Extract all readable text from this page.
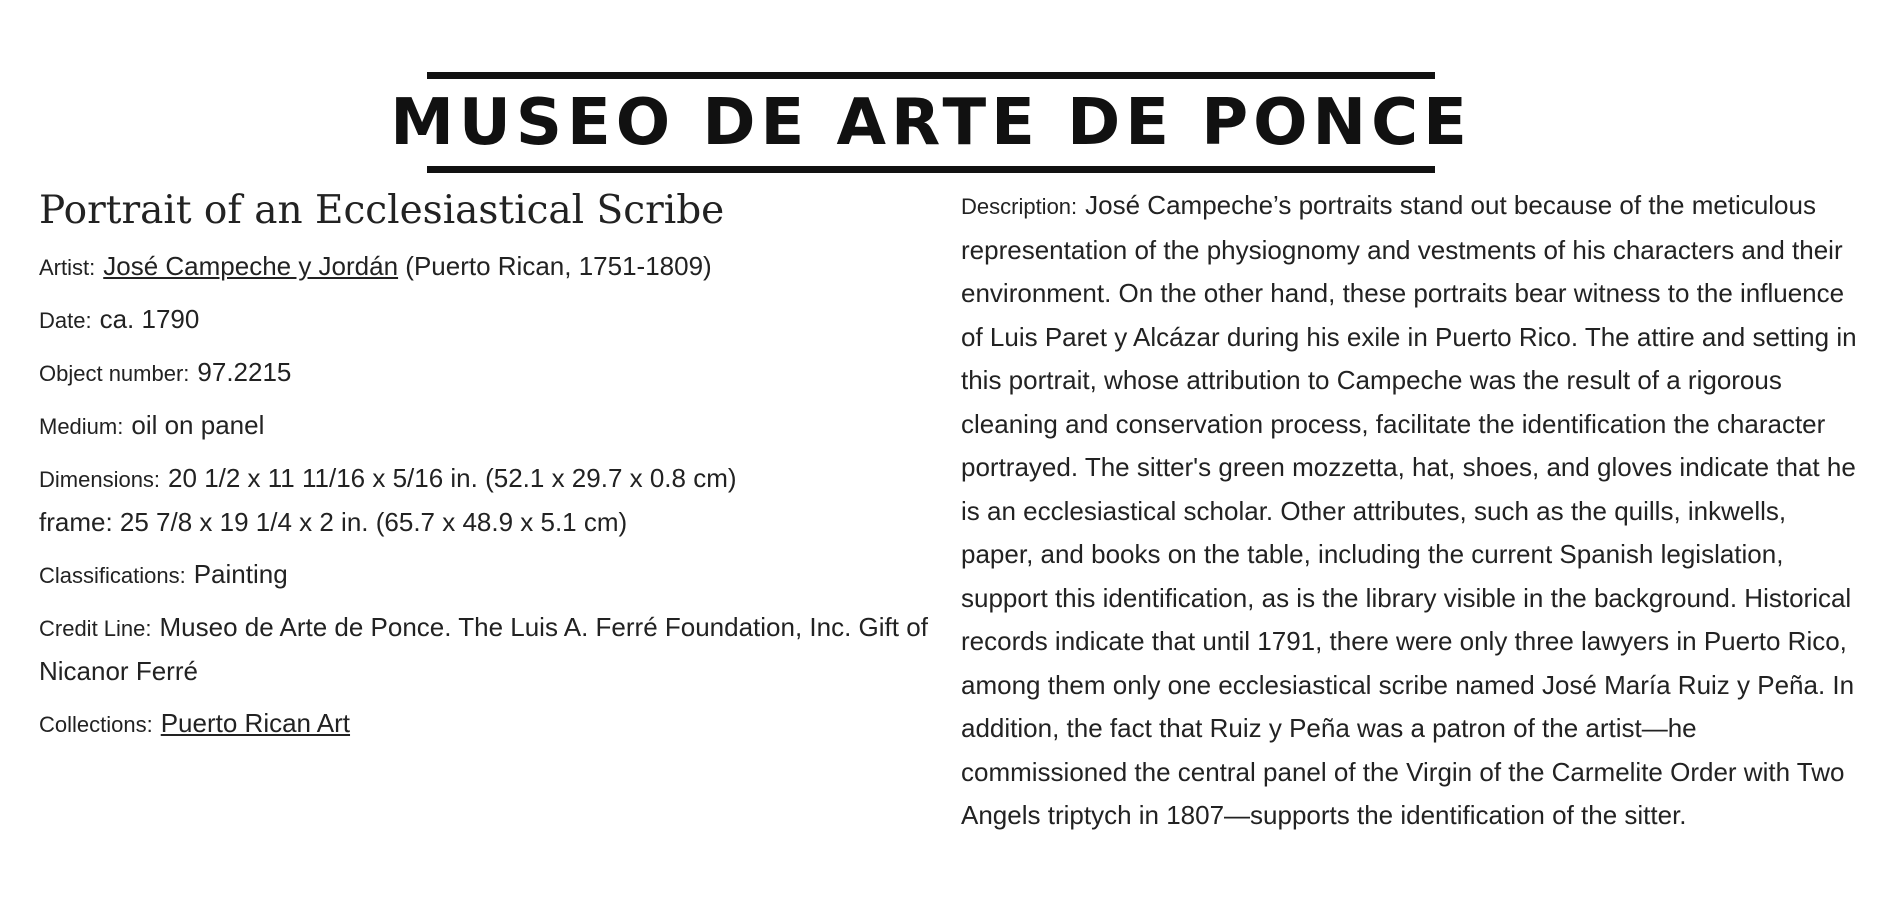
MUSEO DE ARTE DE PONCE
Portrait of an Ecclesiastical Scribe
Artist: José Campeche y Jordán (Puerto Rican, 1751-1809)
Date: ca. 1790
Object number: 97.2215
Medium: oil on panel
Dimensions: 20 1/2 x 11 11/16 x 5/16 in. (52.1 x 29.7 x 0.8 cm)
frame: 25 7/8 x 19 1/4 x 2 in. (65.7 x 48.9 x 5.1 cm)
Classifications: Painting
Credit Line: Museo de Arte de Ponce. The Luis A. Ferré Foundation, Inc. Gift of Nicanor Ferré
Collections: Puerto Rican Art
Description: José Campeche’s portraits stand out because of the meticulous representation of the physiognomy and vestments of his characters and their environment. On the other hand, these portraits bear witness to the influence of Luis Paret y Alcázar during his exile in Puerto Rico. The attire and setting in this portrait, whose attribution to Campeche was the result of a rigorous cleaning and conservation process, facilitate the identification the character portrayed. The sitter's green mozzetta, hat, shoes, and gloves indicate that he is an ecclesiastical scholar. Other attributes, such as the quills, inkwells, paper, and books on the table, including the current Spanish legislation, support this identification, as is the library visible in the background. Historical records indicate that until 1791, there were only three lawyers in Puerto Rico, among them only one ecclesiastical scribe named José María Ruiz y Peña. In addition, the fact that Ruiz y Peña was a patron of the artist—he commissioned the central panel of the Virgin of the Carmelite Order with Two Angels triptych in 1807—supports the identification of the sitter.
